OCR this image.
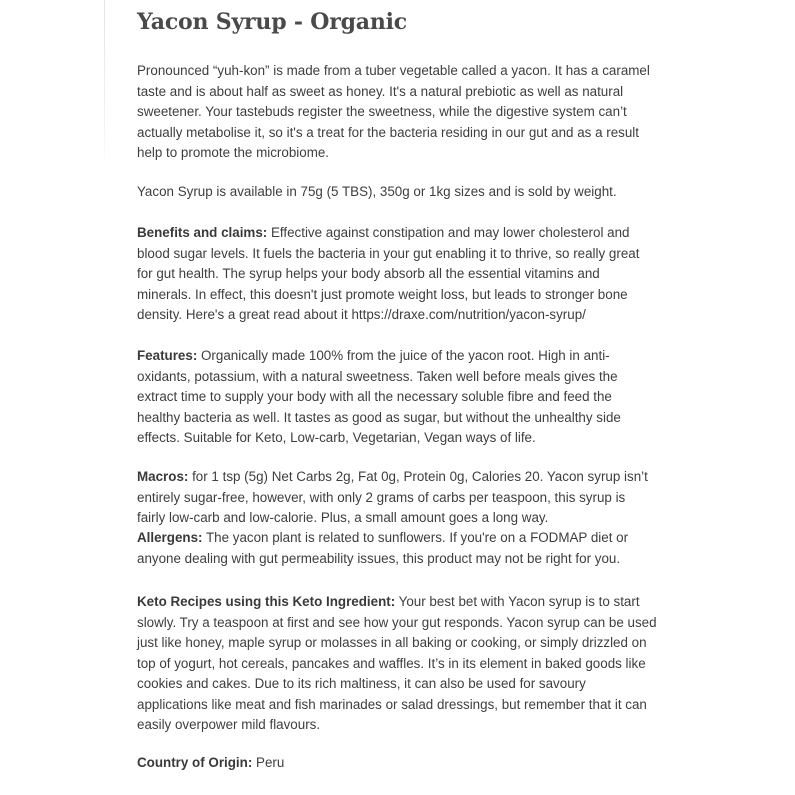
Yacon Syrup - Organic

Pronounced “yuh-kon” is made from a tuber vegetable called a yacon. It has a caramel taste and is about half as sweet as honey. It's a natural prebiotic as well as natural sweetener. Your tastebuds register the sweetness, while the digestive system can’t actually metabolise it, so it's a treat for the bacteria residing in our gut and as a result help to promote the microbiome.

Yacon Syrup is available in 75g (5 TBS), 350g or 1kg sizes and is sold by weight.

Benefits and claims: Effective against constipation and may lower cholesterol and blood sugar levels. It fuels the bacteria in your gut enabling it to thrive, so really great for gut health. The syrup helps your body absorb all the essential vitamins and minerals. In effect, this doesn't just promote weight loss, but leads to stronger bone density. Here's a great read about it https://draxe.com/nutrition/yacon-syrup/

Features: Organically made 100% from the juice of the yacon root. High in anti-oxidants, potassium, with a natural sweetness. Taken well before meals gives the extract time to supply your body with all the necessary soluble fibre and feed the healthy bacteria as well. It tastes as good as sugar, but without the unhealthy side effects. Suitable for Keto, Low-carb, Vegetarian, Vegan ways of life.

Macros: for 1 tsp (5g) Net Carbs 2g, Fat 0g, Protein 0g, Calories 20. Yacon syrup isn’t entirely sugar-free, however, with only 2 grams of carbs per teaspoon, this syrup is fairly low-carb and low-calorie. Plus, a small amount goes a long way.

Allergens: The yacon plant is related to sunflowers. If you're on a FODMAP diet or anyone dealing with gut permeability issues, this product may not be right for you.

Keto Recipes using this Keto Ingredient: Your best bet with Yacon syrup is to start slowly. Try a teaspoon at first and see how your gut responds. Yacon syrup can be used just like honey, maple syrup or molasses in all baking or cooking, or simply drizzled on top of yogurt, hot cereals, pancakes and waffles. It’s in its element in baked goods like cookies and cakes. Due to its rich maltiness, it can also be used for savoury applications like meat and fish marinades or salad dressings, but remember that it can easily overpower mild flavours.

Country of Origin: Peru
